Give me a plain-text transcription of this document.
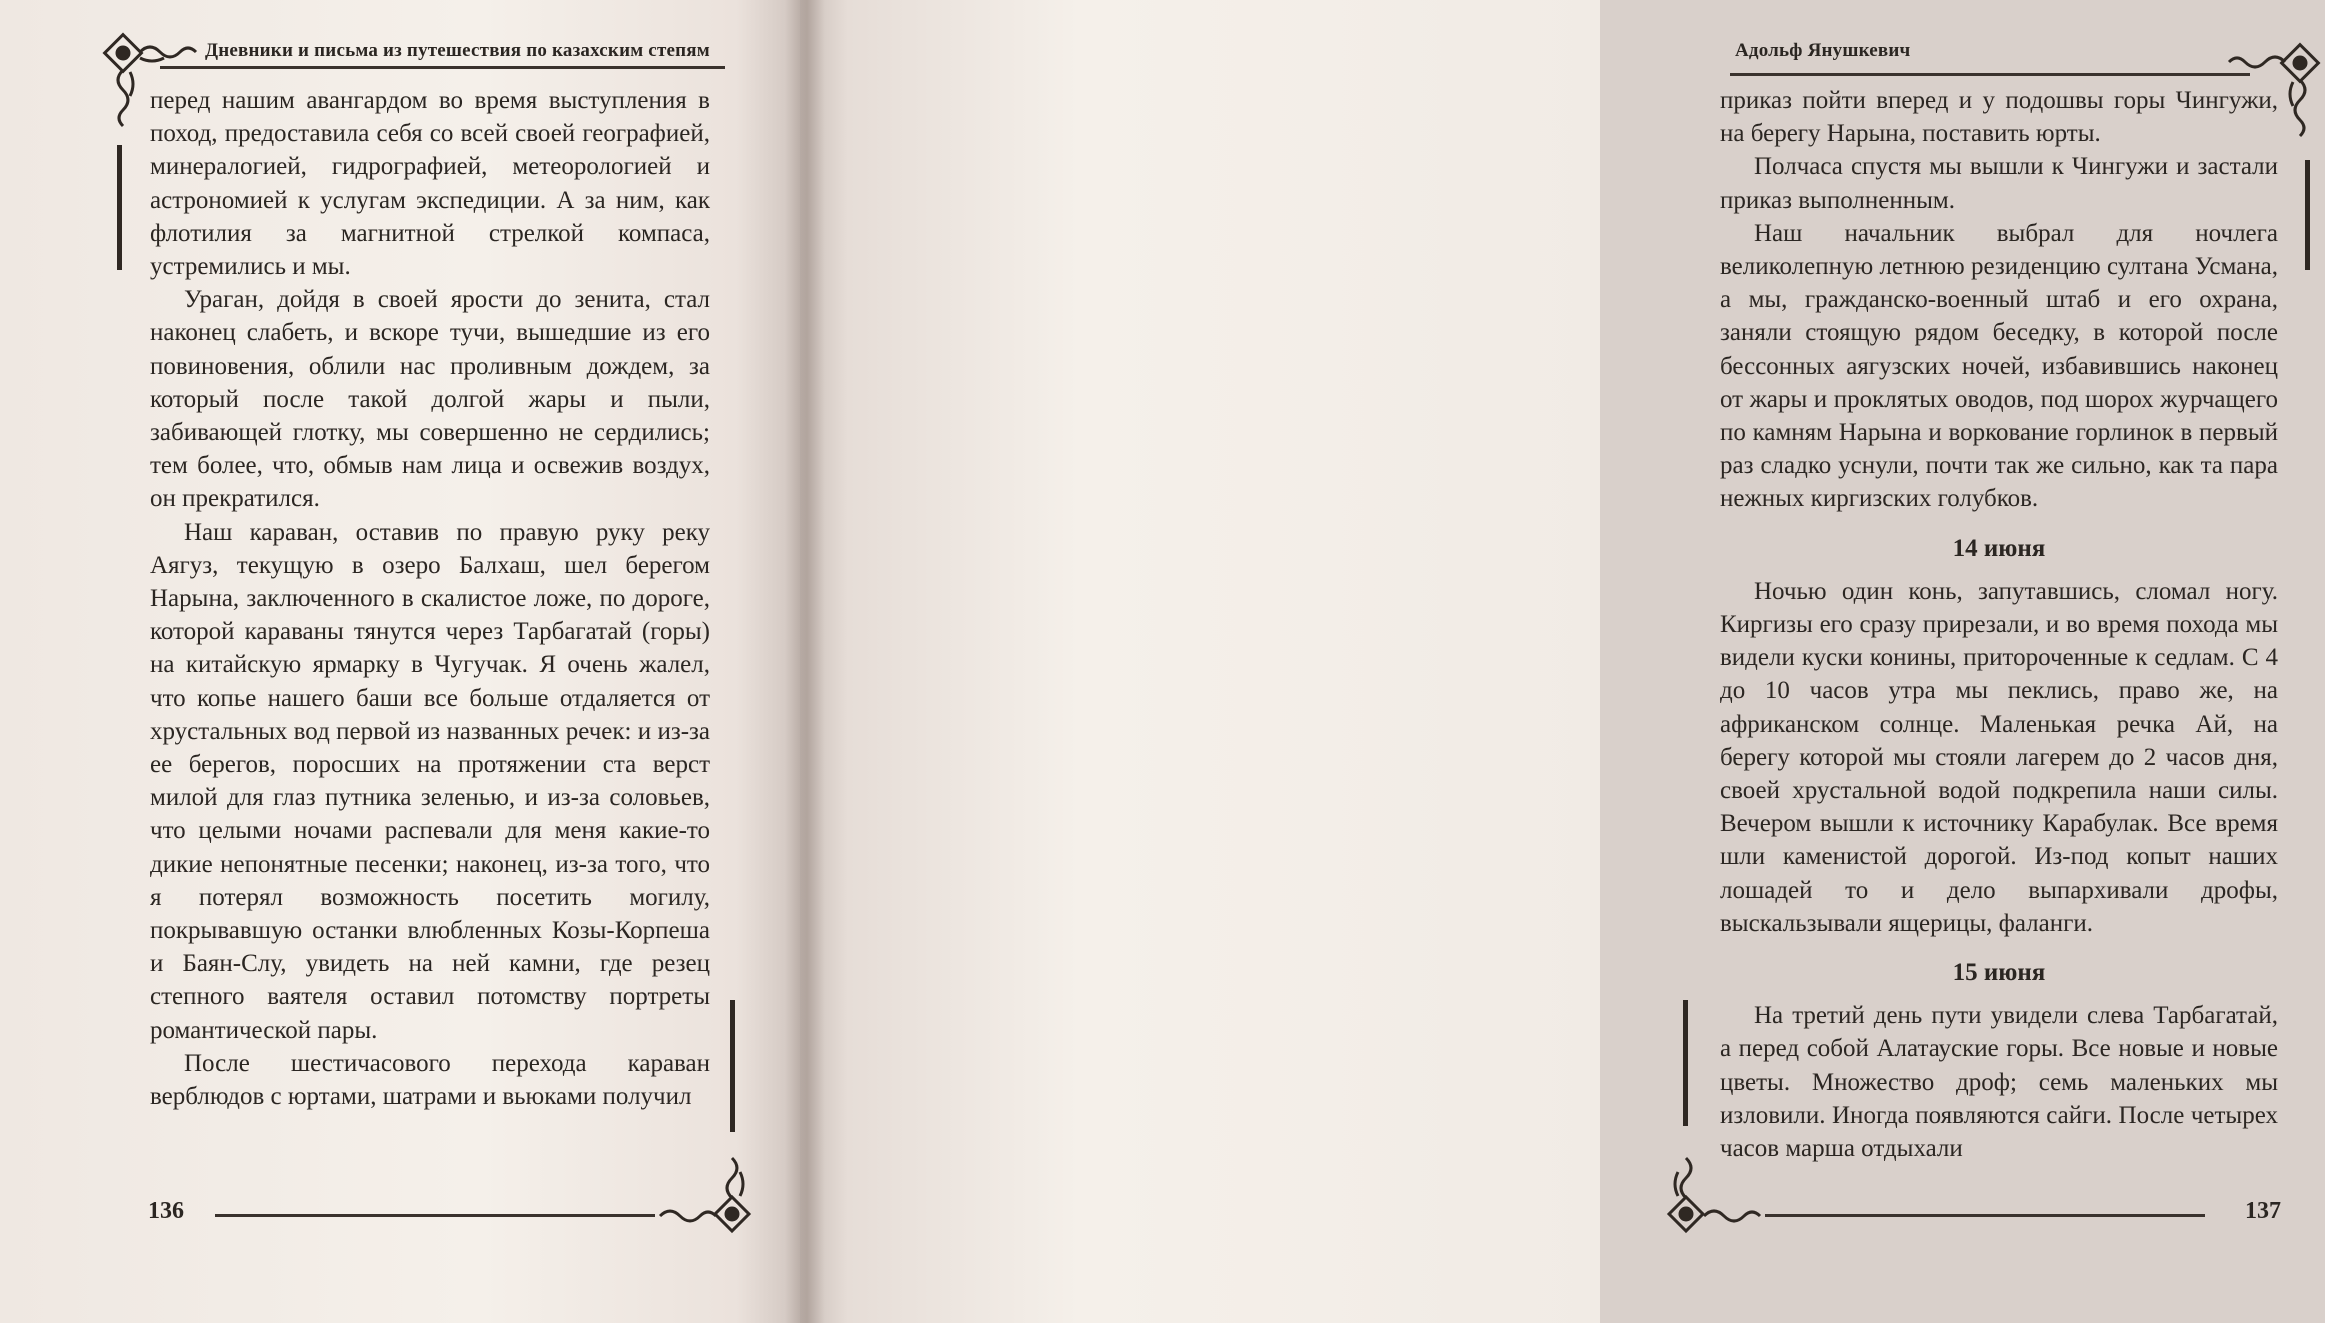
Дневники и письма из путешествия по казахским степям

перед нашим авангардом во время выступления в поход, предоставила себя со всей своей географией, минералогией, гидрографией, метеорологией и астрономией к услугам экспедиции. А за ним, как флотилия за магнитной стрелкой компаса, устремились и мы.

Ураган, дойдя в своей ярости до зенита, стал наконец слабеть, и вскоре тучи, вышедшие из его повиновения, облили нас проливным дождем, за который после такой долгой жары и пыли, забивающей глотку, мы совершенно не сердились; тем более, что, обмыв нам лица и освежив воздух, он прекратился.

Наш караван, оставив по правую руку реку Аягуз, текущую в озеро Балхаш, шел берегом Нарына, заключенного в скалистое ложе, по дороге, которой караваны тянутся через Тарбагатай (горы) на китайскую ярмарку в Чугучак. Я очень жалел, что копье нашего баши все больше отдаляется от хрустальных вод первой из названных речек: и из-за ее берегов, поросших на протяжении ста верст милой для глаз путника зеленью, и из-за соловьев, что целыми ночами распевали для меня какие-то дикие непонятные песенки; наконец, из-за того, что я потерял возможность посетить могилу, покрывавшую останки влюбленных Козы-Корпеша и Баян-Слу, увидеть на ней камни, где резец степного ваятеля оставил потомству портреты романтической пары.

После шестичасового перехода караван верблюдов с юртами, шатрами и вьюками получил

136
Адольф Янушкевич

приказ пойти вперед и у подошвы горы Чингужи, на берегу Нарына, поставить юрты.

Полчаса спустя мы вышли к Чингужи и застали приказ выполненным.

Наш начальник выбрал для ночлега великолепную летнюю резиденцию султана Усмана, а мы, гражданско-военный штаб и его охрана, заняли стоящую рядом беседку, в которой после бессонных аягузских ночей, избавившись наконец от жары и проклятых оводов, под шорох журчащего по камням Нарына и воркование горлинок в первый раз сладко уснули, почти так же сильно, как та пара нежных киргизских голубков.

14 июня

Ночью один конь, запутавшись, сломал ногу. Киргизы его сразу прирезали, и во время похода мы видели куски конины, притороченные к седлам. С 4 до 10 часов утра мы пеклись, право же, на африканском солнце. Маленькая речка Ай, на берегу которой мы стояли лагерем до 2 часов дня, своей хрустальной водой подкрепила наши силы. Вечером вышли к источнику Карабулак. Все время шли каменистой дорогой. Из-под копыт наших лошадей то и дело выпархивали дрофы, выскальзывали ящерицы, фаланги.

15 июня

На третий день пути увидели слева Тарбагатай, а перед собой Алатауские горы. Все новые и новые цветы. Множество дроф; семь маленьких мы изловили. Иногда появляются сайги. После четырех часов марша отдыхали

137
